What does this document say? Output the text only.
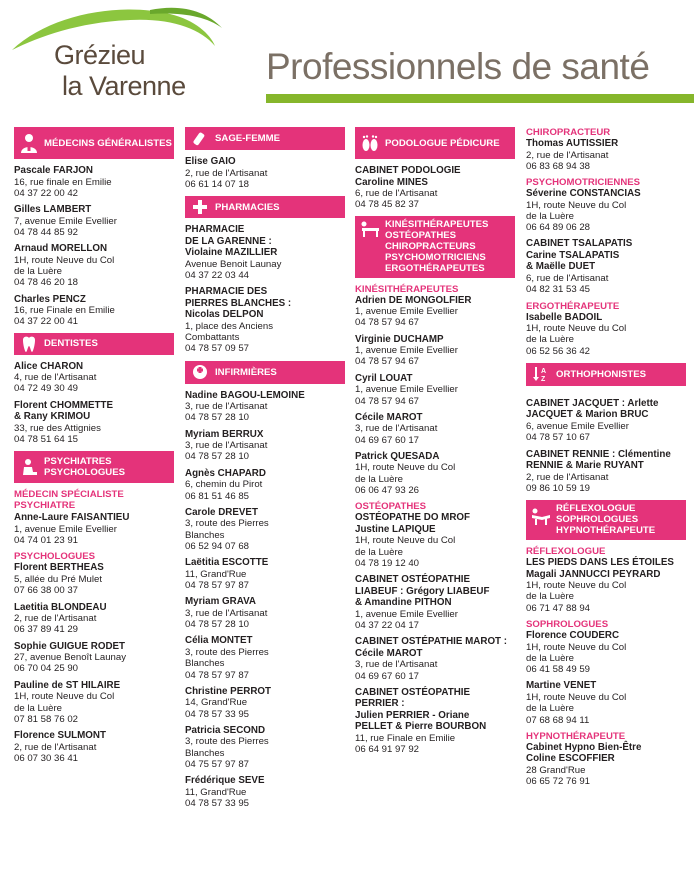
Grézieu
la Varenne Professionnels de santé
MÉDECINS GÉNÉRALISTES
Pascale FARJON
16, rue finale en Emilie
04 37 22 00 42
Gilles LAMBERT
7, avenue Emile Evellier
04 78 44 85 92
Arnaud MORELLON
1H, route Neuve du Col
de la Luère
04 78 46 20 18
Charles PENCZ
16, rue Finale en Emilie
04 37 22 00 41
DENTISTES
Alice CHARON
4, rue de l'Artisanat
04 72 49 30 49
Florent CHOMMETTE
& Rany KRIMOU
33, rue des Attignies
04 78 51 64 15
PSYCHIATRES PSYCHOLOGUES
MÉDECIN SPÉCIALISTE PSYCHIATRE
Anne-Laure FAISANTIEU
1, avenue Emile Evellier
04 74 01 23 91
PSYCHOLOGUES
Florent BERTHEAS
5, allée du Pré Mulet
07 66 38 00 37
Laetitia BLONDEAU
2, rue de l'Artisanat
06 37 89 41 29
Sophie GUIGUE RODET
27, avenue Benoît Launay
06 70 04 25 90
Pauline de ST HILAIRE
1H, route Neuve du Col
de la Luère
07 81 58 76 02
Florence SULMONT
2, rue de l'Artisanat
06 07 30 36 41
SAGE-FEMME
Elise GAIO
2, rue de l'Artisanat
06 61 14 07 18
PHARMACIES
PHARMACIE
DE LA GARENNE :
Violaine MAZILLIER
Avenue Benoit Launay
04 37 22 03 44
PHARMACIE DES
PIERRES BLANCHES :
Nicolas DELPON
1, place des Anciens
Combattants
04 78 57 09 57
INFIRMIÈRES
Nadine BAGOU-LEMOINE
3, rue de l'Artisanat
04 78 57 28 10
Myriam BERRUX
3, rue de l'Artisanat
04 78 57 28 10
Agnès CHAPARD
6, chemin du Pirot
06 81 51 46 85
Carole DREVET
3, route des Pierres
Blanches
06 52 94 07 68
Laëtitia ESCOTTE
11, Grand'Rue
04 78 57 97 87
Myriam GRAVA
3, rue de l'Artisanat
04 78 57 28 10
Célia MONTET
3, route des Pierres
Blanches
04 78 57 97 87
Christine PERROT
14, Grand'Rue
04 78 57 33 95
Patricia SECOND
3, route des Pierres
Blanches
04 75 57 97 87
Frédérique SEVE
11, Grand'Rue
04 78 57 33 95
PODOLOGUE PÉDICURE
CABINET PODOLOGIE
Caroline MINES
6, rue de l'Artisanat
04 78 45 82 37
KINÉSITHÉRAPEUTES
OSTÉOPATHES
CHIROPRACTEURS
PSYCHOMOTRICIENS
ERGOTHÉRAPEUTES
KINÉSITHÉRAPEUTES
Adrien DE MONGOLFIER
1, avenue Emile Evellier
04 78 57 94 67
Virginie DUCHAMP
1, avenue Emile Evellier
04 78 57 94 67
Cyril LOUAT
1, avenue Emile Evellier
04 78 57 94 67
Cécile MAROT
3, rue de l'Artisanat
04 69 67 60 17
Patrick QUESADA
1H, route Neuve du Col
de la Luère
06 06 47 93 26
OSTÉOPATHES
OSTÉOPATHE DO MROF
Justine LAPIQUE
1H, route Neuve du Col
de la Luère
04 78 19 12 40
CABINET OSTÉOPATHIE
LIABEUF : Grégory LIABEUF
& Amandine PITHON
1, avenue Emile Evellier
04 37 22 04 17
CABINET OSTÉPATHIE MAROT :
Cécile MAROT
3, rue de l'Artisanat
04 69 67 60 17
CABINET OSTÉOPATHIE PERRIER :
Julien PERRIER - Oriane
PELLET & Pierre BOURBON
11, rue Finale en Emilie
06 64 91 97 92
CHIROPRACTEUR
Thomas AUTISSIER
2, rue de l'Artisanat
06 83 68 94 38
PSYCHOMOTRICIENNES
Séverine CONSTANCIAS
1H, route Neuve du Col
de la Luère
06 64 89 06 28
CABINET TSALAPATIS
Carine TSALAPATIS
& Maëlle DUET
6, rue de l'Artisanat
04 82 31 53 45
ERGOTHÉRAPEUTE
Isabelle BADOIL
1H, route Neuve du Col
de la Luère
06 52 56 36 42
A
Z ORTHOPHONISTES
CABINET JACQUET : Arlette
JACQUET & Marion BRUC
6, avenue Emile Evellier
04 78 57 10 67
CABINET RENNIE : Clémentine
RENNIE & Marie RUYANT
2, rue de l'Artisanat
09 86 10 59 19
RÉFLEXOLOGUE
SOPHROLOGUES
HYPNOTHÉRAPEUTE
RÉFLEXOLOGUE
LES PIEDS DANS LES ÉTOILES
Magali JANNUCCI PEYRARD
1H, route Neuve du Col
de la Luère
06 71 47 88 94
SOPHROLOGUES
Florence COUDERC
1H, route Neuve du Col
de la Luère
06 41 58 49 59
Martine VENET
1H, route Neuve du Col
de la Luère
07 68 68 94 11
HYPNOTHÉRAPEUTE
Cabinet Hypno Bien-Être
Coline ESCOFFIER
28 Grand'Rue
06 65 72 76 91
